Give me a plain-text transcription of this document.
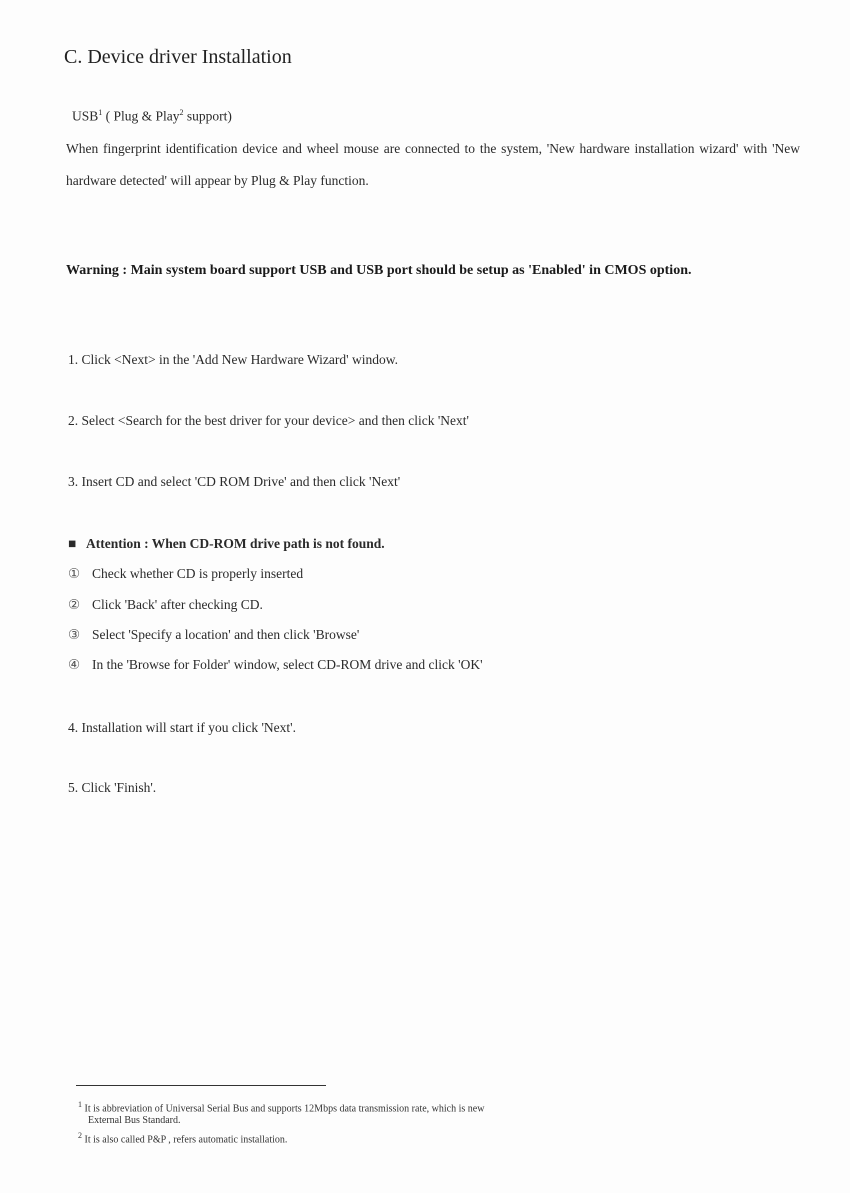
C. Device driver Installation
USB$^1$ ( Plug & Play$^2$ support)
When fingerprint identification device and wheel mouse are connected to the system, 'New hardware installation wizard' with 'New hardware detected' will appear by Plug & Play function.
Warning : Main system board support USB and USB port should be setup as 'Enabled' in CMOS option.
1. Click <Next> in the 'Add New Hardware Wizard' window.
2. Select <Search for the best driver for your device> and then click 'Next'
3. Insert CD and select 'CD ROM Drive' and then click 'Next'
■ Attention : When CD-ROM drive path is not found.
① Check whether CD is properly inserted
② Click 'Back' after checking CD.
③ Select 'Specify a location' and then click 'Browse'
④ In the 'Browse for Folder' window, select CD-ROM drive and click 'OK'
4. Installation will start if you click 'Next'.
5. Click 'Finish'.
$^1$ It is abbreviation of Universal Serial Bus and supports 12Mbps data transmission rate, which is new
External Bus Standard.
$^2$ It is also called P&P , refers automatic installation.
